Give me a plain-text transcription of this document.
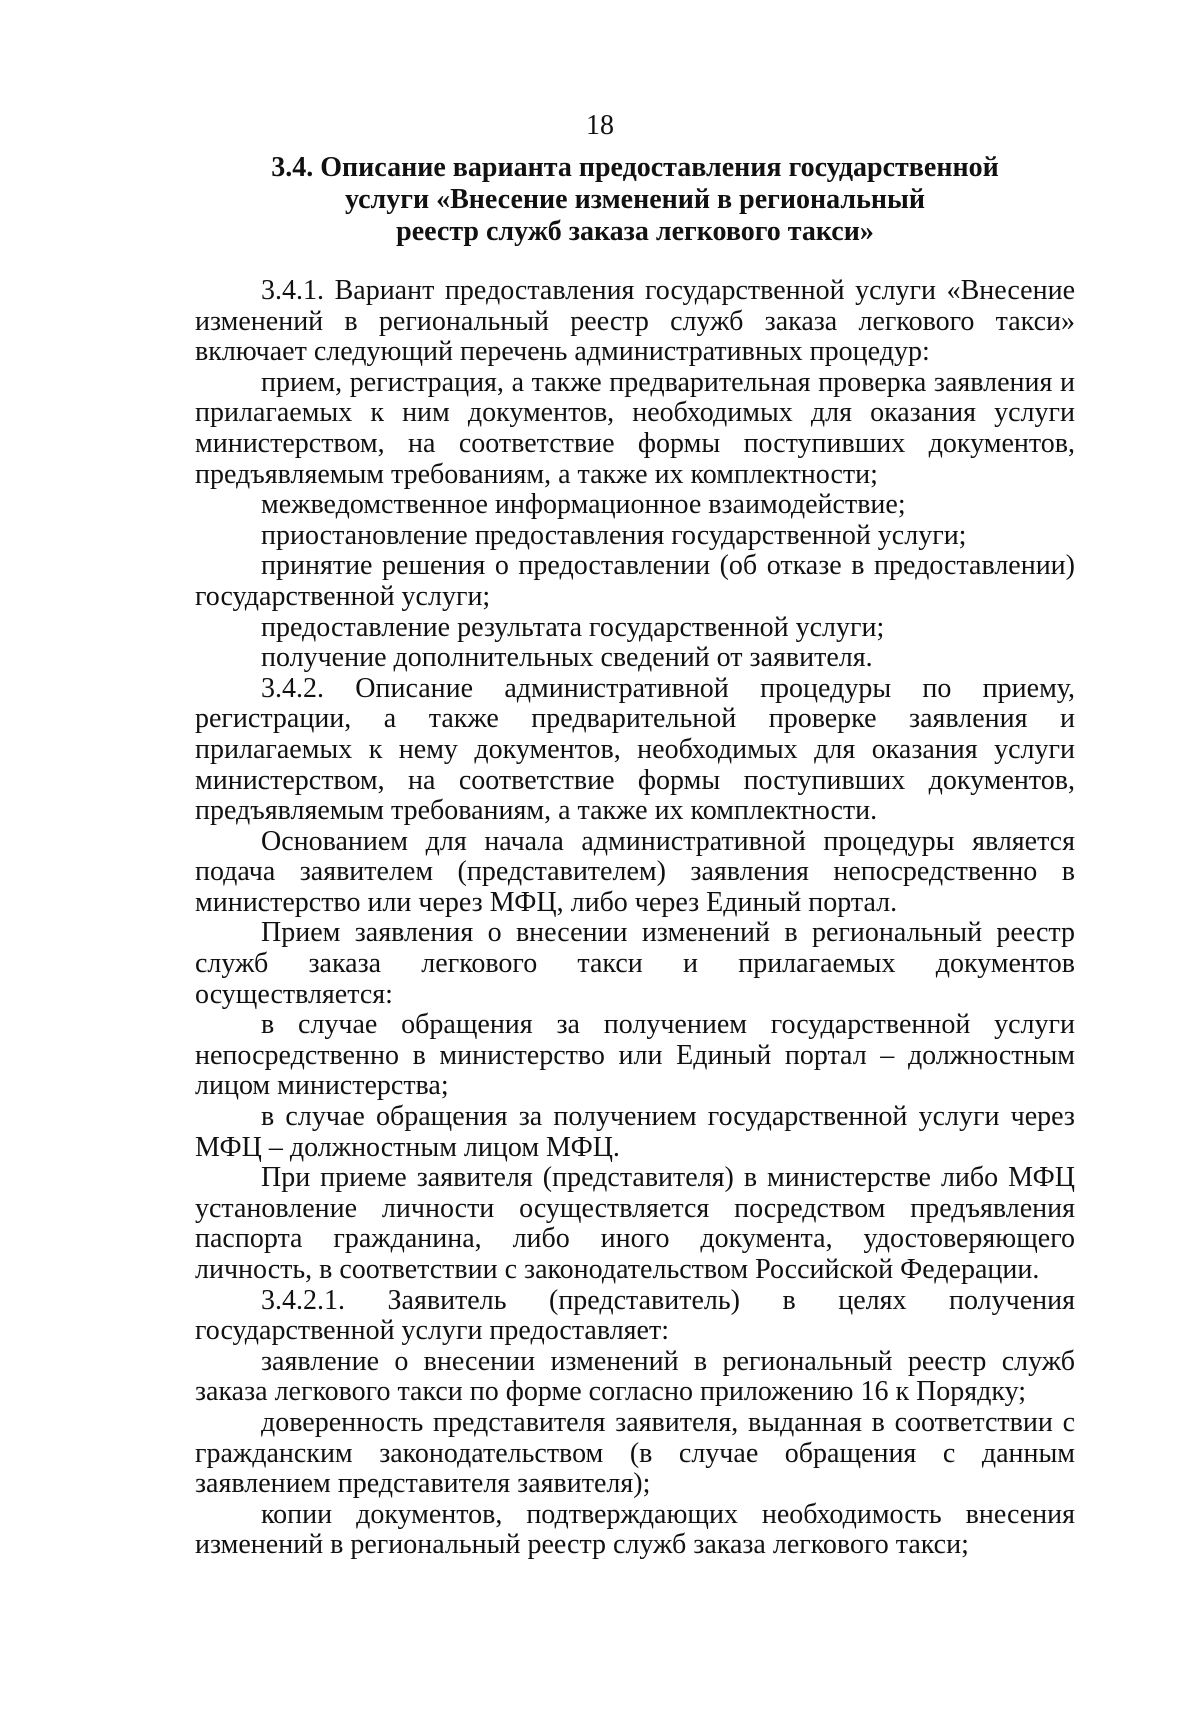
18
3.4. Описание варианта предоставления государственной
услуги «Внесение изменений в региональный
реестр служб заказа легкового такси»

3.4.1. Вариант предоставления государственной услуги «Внесение изменений в региональный реестр служб заказа легкового такси» включает следующий перечень административных процедур:

прием, регистрация, а также предварительная проверка заявления и прилагаемых к ним документов, необходимых для оказания услуги министерством, на соответствие формы поступивших документов, предъявляемым требованиям, а также их комплектности;

межведомственное информационное взаимодействие;

приостановление предоставления государственной услуги;

принятие решения о предоставлении (об отказе в предоставлении) государственной услуги;

предоставление результата государственной услуги;

получение дополнительных сведений от заявителя.

3.4.2. Описание административной процедуры по приему, регистрации, а также предварительной проверке заявления и прилагаемых к нему документов, необходимых для оказания услуги министерством, на соответствие формы поступивших документов, предъявляемым требованиям, а также их комплектности.

Основанием для начала административной процедуры является подача заявителем (представителем) заявления непосредственно в министерство или через МФЦ, либо через Единый портал.

Прием заявления о внесении изменений в региональный реестр служб заказа легкового такси и прилагаемых документов осуществляется:

в случае обращения за получением государственной услуги непосредственно в министерство или Единый портал – должностным лицом министерства;

в случае обращения за получением государственной услуги через МФЦ – должностным лицом МФЦ.

При приеме заявителя (представителя) в министерстве либо МФЦ установление личности осуществляется посредством предъявления паспорта гражданина, либо иного документа, удостоверяющего личность, в соответствии с законодательством Российской Федерации.

3.4.2.1. Заявитель (представитель) в целях получения государственной услуги предоставляет:

заявление о внесении изменений в региональный реестр служб заказа легкового такси по форме согласно приложению 16 к Порядку;

доверенность представителя заявителя, выданная в соответствии с гражданским законодательством (в случае обращения с данным заявлением представителя заявителя);

копии документов, подтверждающих необходимость внесения изменений в региональный реестр служб заказа легкового такси;
